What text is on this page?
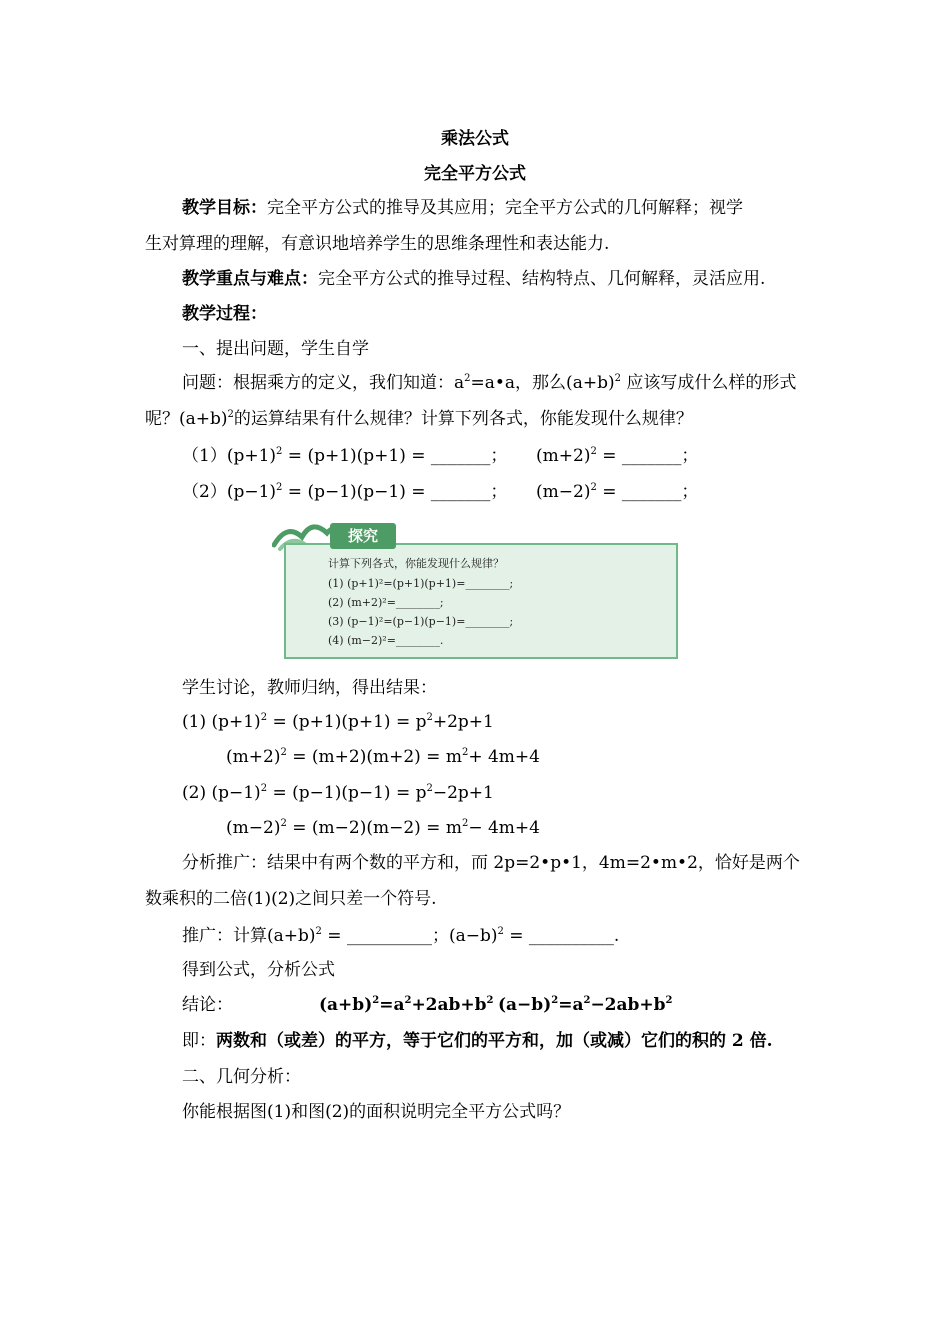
乘法公式
完全平方公式
教学目标：完全平方公式的推导及其应用；完全平方公式的几何解释；视学
生对算理的理解，有意识地培养学生的思维条理性和表达能力.
教学重点与难点：完全平方公式的推导过程、结构特点、几何解释，灵活应用.
教学过程：
一、提出问题，学生自学
问题：根据乘方的定义，我们知道：$a^2=a•a$，那么$(a+b)^2$ 应该写成什么样的形式
呢？$(a+b)^2$的运算结果有什么规律？计算下列各式，你能发现什么规律？
$(1)(p+1)^2 = (p+1)(p+1)$ = _______； $(m+2)^2$ = _______；
$(2)(p-1)^2 = (p-1)(p-1)$ = _______； $(m-2)^2$ = _______；
探究
计算下列各式，你能发现什么规律？
(1) (p+1)²=(p+1)(p+1)=________;
(2) (m+2)²=________;
(3) (p−1)²=(p−1)(p−1)=________;
(4) (m−2)²=________.
学生讨论，教师归纳，得出结果：
(1) $(p+1)^2 = (p+1)(p+1) = p^2+2p+1$
$(m+2)^2 = (m+2)(m+2) = m^2+ 4m+4$
(2) $(p-1)^2 = (p-1)(p-1) = p^2-2p+1$
$(m-2)^2 = (m-2)(m-2) = m^2- 4m+4$
分析推广：结果中有两个数的平方和，而 2p=2•p•1，4m=2•m•2，恰好是两个
数乘积的二倍(1)(2)之间只差一个符号.
推广：计算$(a+b)^2$ = __________；$(a-b)^2$ = __________.
得到公式，分析公式
结论：	$(a+b)^2=a^2+2ab+b^2$ $(a-b)^2=a^2-2ab+b^2$
即：两数和（或差）的平方，等于它们的平方和，加（或减）它们的积的 2 倍.
二、几何分析：
你能根据图(1)和图(2)的面积说明完全平方公式吗？
